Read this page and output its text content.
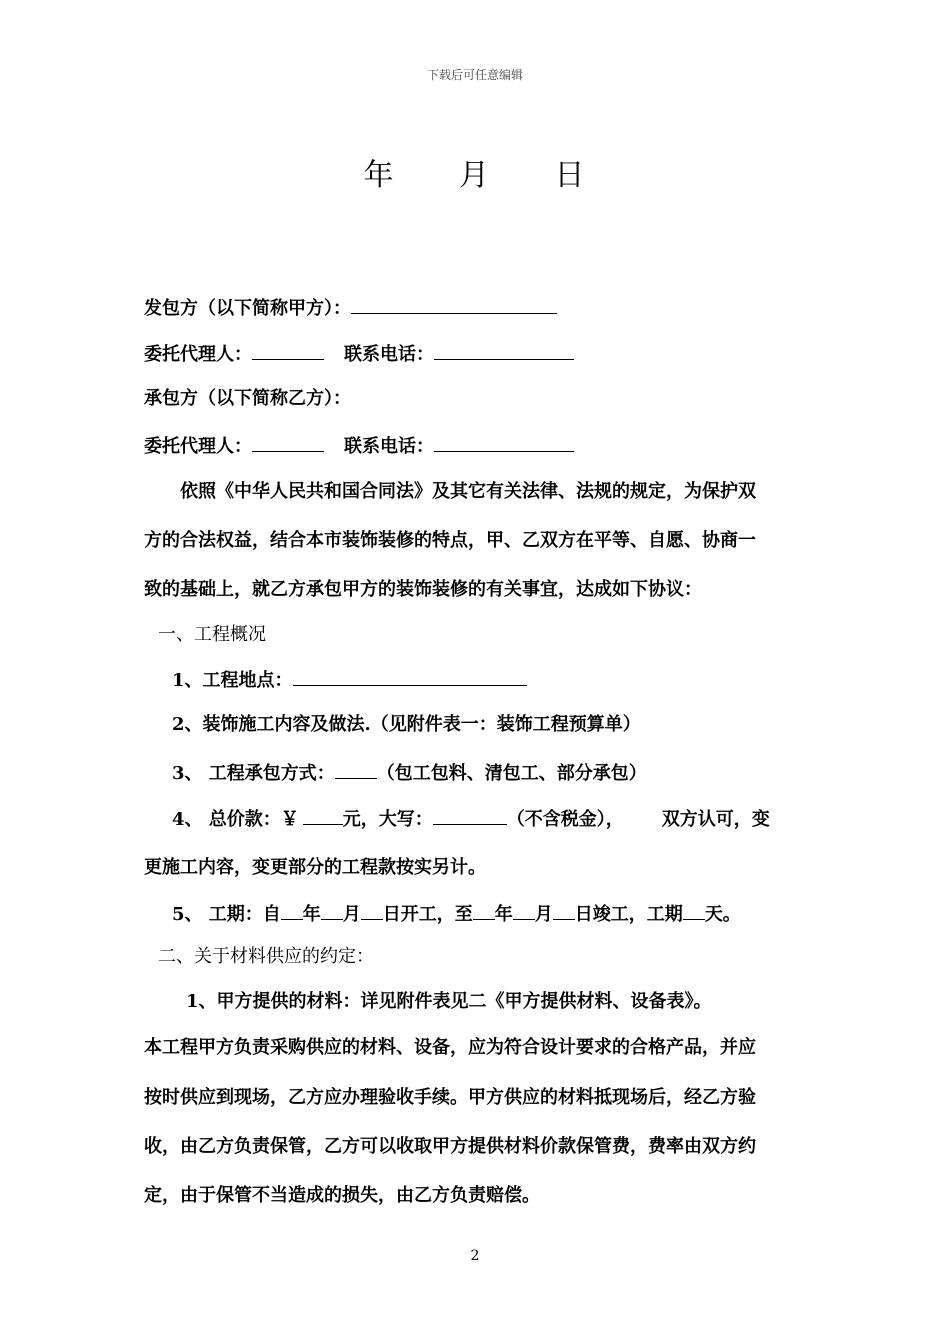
下载后可任意编辑
年 月 日
发包方（以下简称甲方）：
委托代理人：	联系电话：
承包方（以下简称乙方）：
委托代理人：	联系电话：
依照《中华人民共和国合同法》及其它有关法律、法规的规定，为保护双
方的合法权益，结合本市装饰装修的特点，甲、乙双方在平等、自愿、协商一
致的基础上，就乙方承包甲方的装饰装修的有关事宜，达成如下协议：
一、工程概况
1、工程地点：
2、装饰施工内容及做法.（见附件表一：装饰工程预算单）
3、 工程承包方式： （包工包料、清包工、部分承包）
4、 总价款：￥ 元，大写：	（不含税金）， 双方认可，变
更施工内容，变更部分的工程款按实另计。
5、 工期：自 年 月 日开工，至 年 月 日竣工，工期 天。
二、关于材料供应的约定：
1、甲方提供的材料：详见附件表见二《甲方提供材料、设备表》。
本工程甲方负责采购供应的材料、设备，应为符合设计要求的合格产品，并应
按时供应到现场，乙方应办理验收手续。甲方供应的材料抵现场后，经乙方验
收，由乙方负责保管，乙方可以收取甲方提供材料价款保管费，费率由双方约
定，由于保管不当造成的损失，由乙方负责赔偿。
2
